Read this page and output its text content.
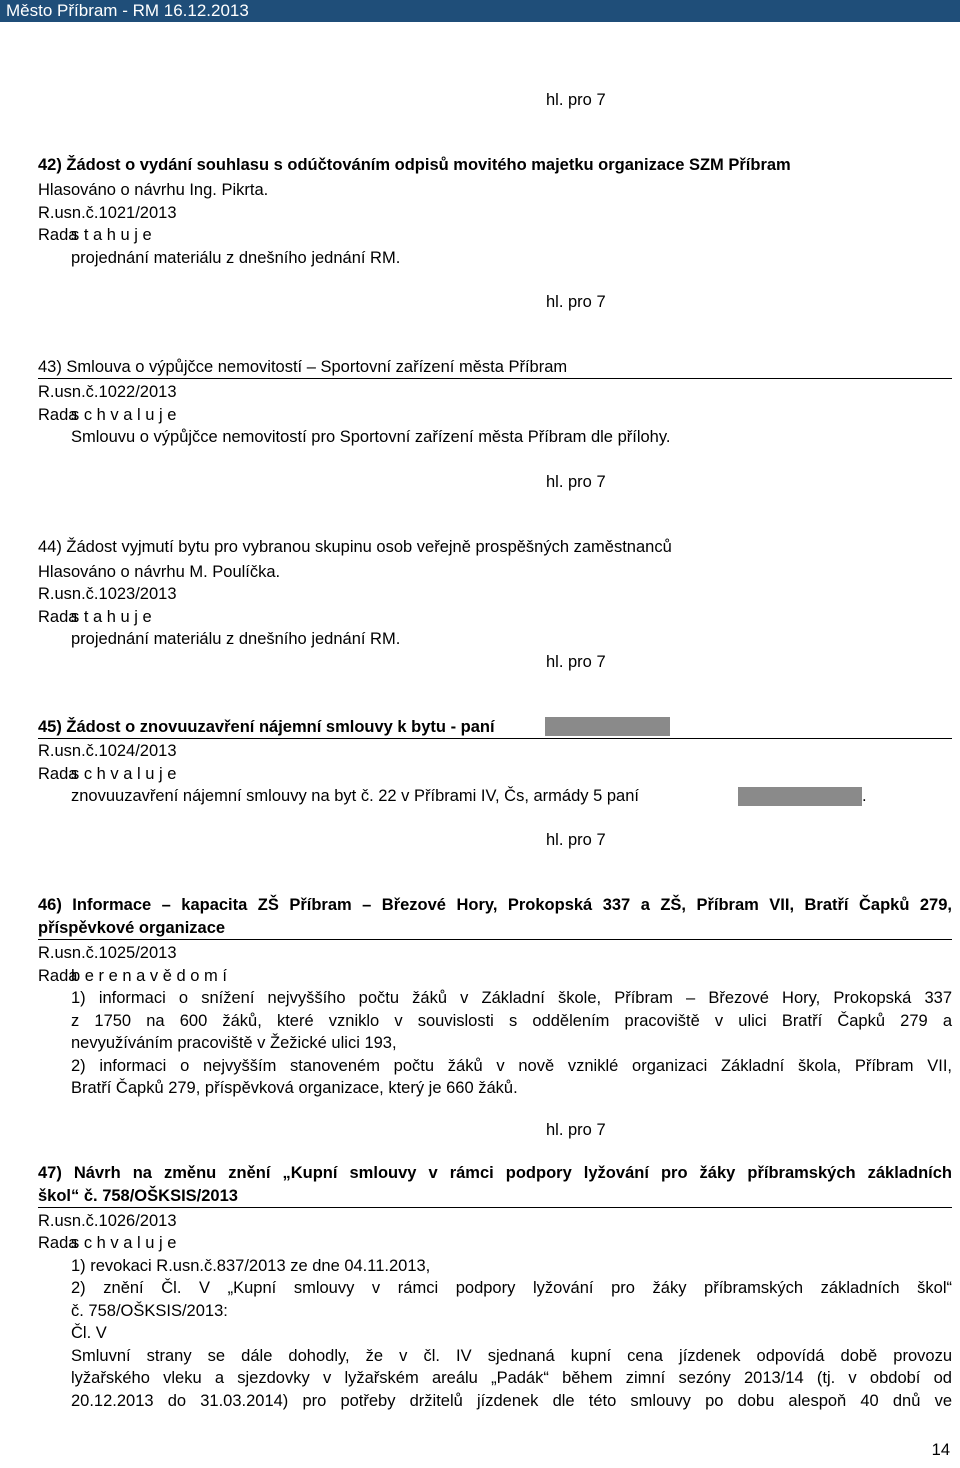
Město Příbram - RM 16.12.2013
hl. pro 7
42) Žádost o vydání souhlasu s odúčtováním odpisů movitého majetku organizace SZM Příbram
Hlasováno o návrhu Ing. Pikrta.
R.usn.č.1021/2013
Rada
s t a h u j e
projednání materiálu z dnešního jednání RM.
hl. pro 7
43) Smlouva o výpůjčce nemovitostí – Sportovní zařízení města Příbram
R.usn.č.1022/2013
Rada
s c h v a l u j e
Smlouvu o výpůjčce nemovitostí pro Sportovní zařízení města Příbram dle přílohy.
hl. pro 7
44) Žádost vyjmutí bytu pro vybranou skupinu osob veřejně prospěšných zaměstnanců
Hlasováno o návrhu M. Poulíčka.
R.usn.č.1023/2013
Rada
s t a h u j e
projednání materiálu z dnešního jednání RM.
hl. pro 7
45) Žádost o znovuuzavření nájemní smlouvy k bytu - paní
R.usn.č.1024/2013
Rada
s c h v a l u j e
znovuuzavření nájemní smlouvy na byt č. 22 v Příbrami IV, Čs, armády 5 paní	.
hl. pro 7
46) Informace – kapacita ZŠ Příbram – Březové Hory, Prokopská 337 a ZŠ, Příbram VII, Bratří Čapků 279,
příspěvkové organizace
R.usn.č.1025/2013
Rada
b e r e n a v ě d o m í
1) informaci o snížení nejvyššího počtu žáků v Základní škole, Příbram – Březové Hory, Prokopská 337
z 1750 na 600 žáků, které vzniklo v souvislosti s oddělením pracoviště v ulici Bratří Čapků 279 a
nevyužíváním pracoviště v Žežické ulici 193,
2) informaci o nejvyšším stanoveném počtu žáků v nově vzniklé organizaci Základní škola, Příbram VII,
Bratří Čapků 279, příspěvková organizace, který je 660 žáků.
hl. pro 7
47) Návrh na změnu znění „Kupní smlouvy v rámci podpory lyžování pro žáky příbramských základních
škol“ č. 758/OŠKSIS/2013
R.usn.č.1026/2013
Rada
s c h v a l u j e
1) revokaci R.usn.č.837/2013 ze dne 04.11.2013,
2) znění Čl. V „Kupní smlouvy v rámci podpory lyžování pro žáky příbramských základních škol“
č. 758/OŠKSIS/2013:
Čl. V
Smluvní strany se dále dohodly, že v čl. IV sjednaná kupní cena jízdenek odpovídá době provozu
lyžařského vleku a sjezdovky v lyžařském areálu „Padák“ během zimní sezóny 2013/14 (tj. v období od
20.12.2013 do 31.03.2014) pro potřeby držitelů jízdenek dle této smlouvy po dobu alespoň 40 dnů ve
14
